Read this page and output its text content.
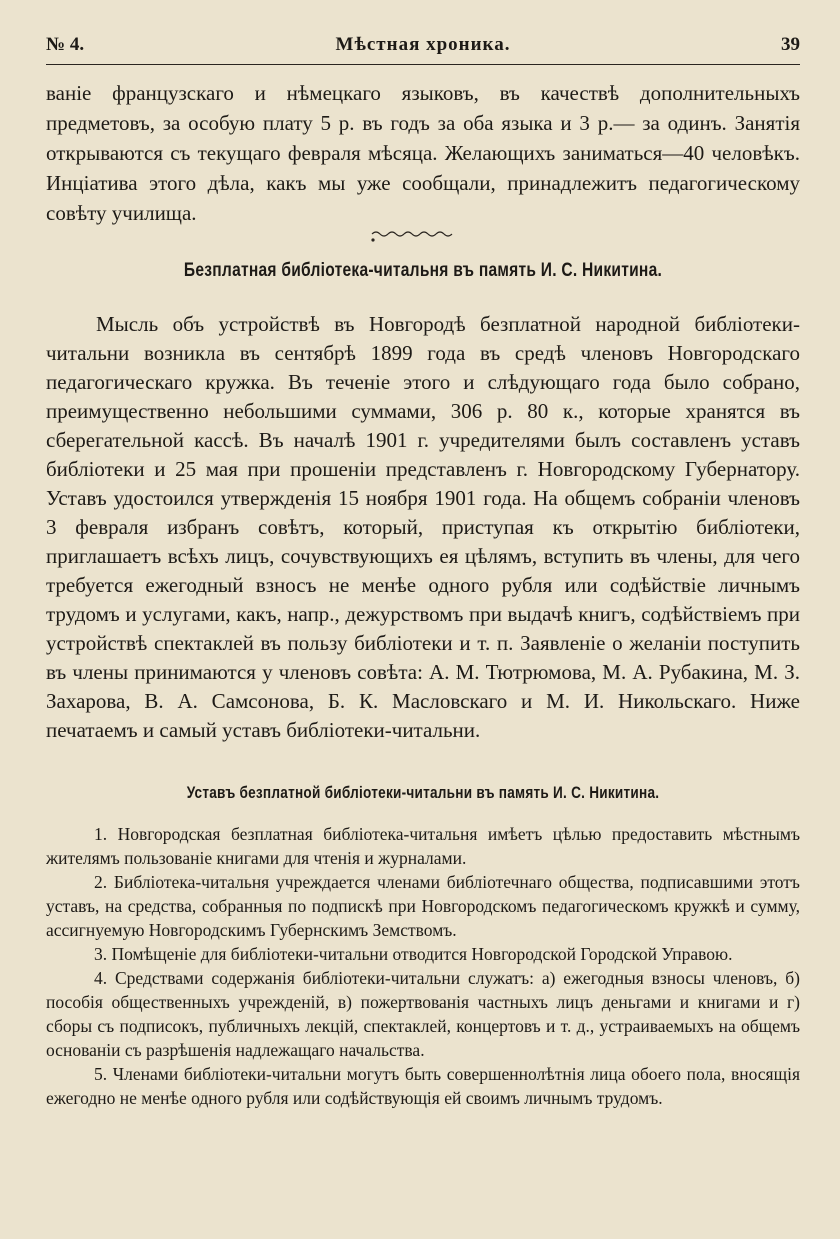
№ 4.	Мѣстная хроника.	39
ваніе французскаго и нѣмецкаго языковъ, въ качествѣ дополнительныхъ предметовъ, за особую плату 5 р. въ годъ за оба языка и 3 р.— за одинъ. Занятія открываются съ текущаго февраля мѣсяца. Желающихъ заниматься—40 человѣкъ. Инціатива этого дѣла, какъ мы уже сообщали, принадлежитъ педагогическому совѣту училища.
Безплатная библіотека-читальня въ память И. С. Никитина.
Мысль объ устройствѣ въ Новгородѣ безплатной народной библіотеки-читальни возникла въ сентябрѣ 1899 года въ средѣ членовъ Новгородскаго педагогическаго кружка. Въ теченіе этого и слѣдующаго года было собрано, преимущественно небольшими суммами, 306 р. 80 к., которые хранятся въ сберегательной кассѣ. Въ началѣ 1901 г. учредителями былъ составленъ уставъ библіотеки и 25 мая при прошеніи представленъ г. Новгородскому Губернатору. Уставъ удостоился утвержденія 15 ноября 1901 года. На общемъ собраніи членовъ 3 февраля избранъ совѣтъ, который, приступая къ открытію библіотеки, приглашаетъ всѣхъ лицъ, сочувствующихъ ея цѣлямъ, вступить въ члены, для чего требуется ежегодный взносъ не менѣе одного рубля или содѣйствіе личнымъ трудомъ и услугами, какъ, напр., дежурствомъ при выдачѣ книгъ, содѣйствіемъ при устройствѣ спектаклей въ пользу библіотеки и т. п. Заявленіе о желаніи поступить въ члены принимаются у членовъ совѣта: А. М. Тютрюмова, М. А. Рубакина, М. З. Захарова, В. А. Самсонова, Б. К. Масловскаго и М. И. Никольскаго. Ниже печатаемъ и самый уставъ библіотеки-читальни.
Уставъ безплатной библіотеки-читальни въ память И. С. Никитина.

1. Новгородская безплатная библіотека-читальня имѣетъ цѣлью предоставить мѣстнымъ жителямъ пользованіе книгами для чтенія и журналами.

2. Библіотека-читальня учреждается членами библіотечнаго общества, подписавшими этотъ уставъ, на средства, собранныя по подпискѣ при Новгородскомъ педагогическомъ кружкѣ и сумму, ассигнуемую Новгородскимъ Губернскимъ Земствомъ.

3. Помѣщеніе для библіотеки-читальни отводится Новгородской Городской Управою.

4. Средствами содержанія библіотеки-читальни служатъ: а) ежегодныя взносы членовъ, б) пособія общественныхъ учрежденій, в) пожертвованія частныхъ лицъ деньгами и книгами и г) сборы съ подписокъ, публичныхъ лекцій, спектаклей, концертовъ и т. д., устраиваемыхъ на общемъ основаніи съ разрѣшенія надлежащаго начальства.

5. Членами библіотеки-читальни могутъ быть совершеннолѣтнія лица обоего пола, вносящія ежегодно не менѣе одного рубля или содѣйствующія ей своимъ личнымъ трудомъ.
